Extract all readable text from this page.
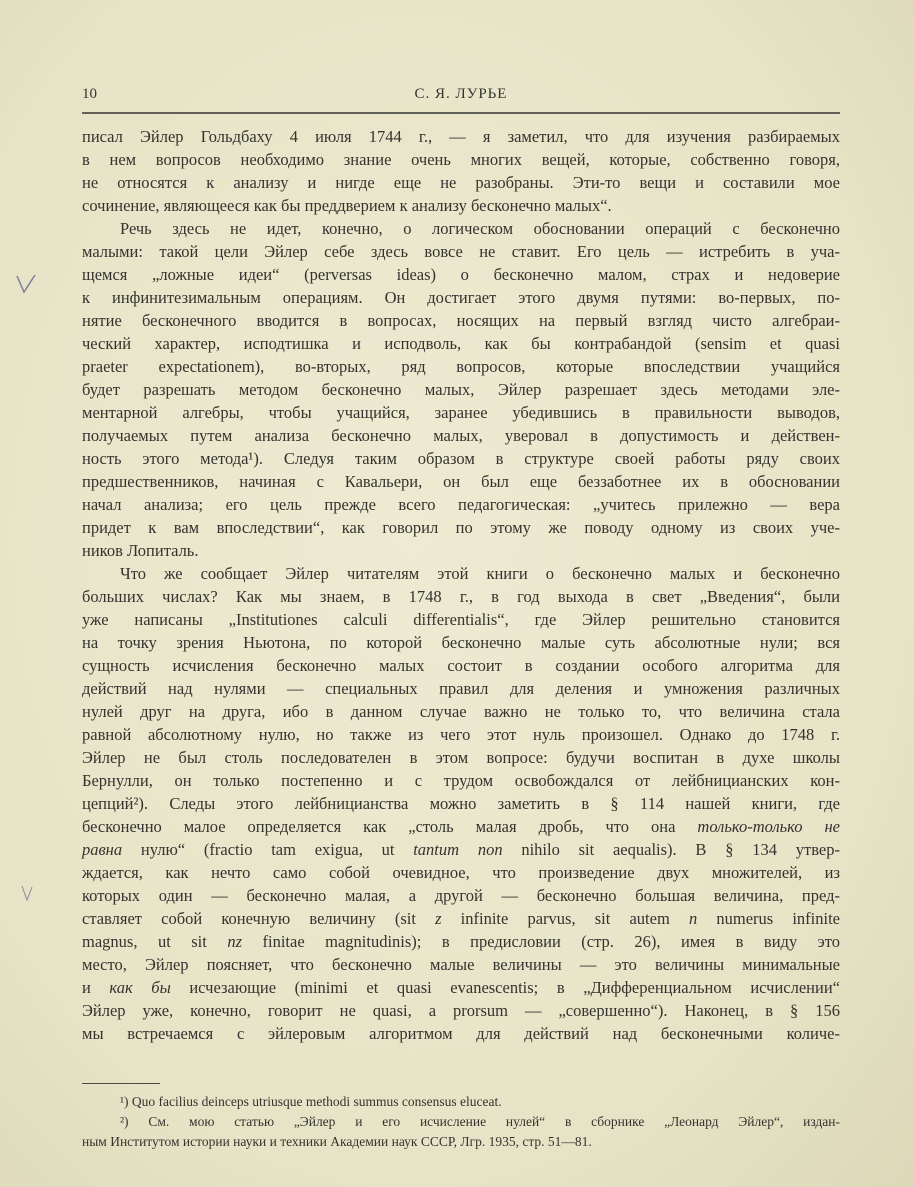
10	С. Я. ЛУРЬЕ
писал Эйлер Гольдбаху 4 июля 1744 г., — я заметил, что для изучения разбираемых
в нем вопросов необходимо знание очень многих вещей, которые, собственно говоря,
не относятся к анализу и нигде еще не разобраны. Эти-то вещи и составили мое
сочинение, являющееся как бы преддверием к анализу бесконечно малых“.
Речь здесь не идет, конечно, о логическом обосновании операций с бесконечно
малыми: такой цели Эйлер себе здесь вовсе не ставит. Его цель — истребить в уча-
щемся „ложные идеи“ (perversas ideas) о бесконечно малом, страх и недоверие
к инфинитезимальным операциям. Он достигает этого двумя путями: во-первых, по-
нятие бесконечного вводится в вопросах, носящих на первый взгляд чисто алгебраи-
ческий характер, исподтишка и исподволь, как бы контрабандой (sensim et quasi
praeter expectationem), во-вторых, ряд вопросов, которые впоследствии учащийся
будет разрешать методом бесконечно малых, Эйлер разрешает здесь методами эле-
ментарной алгебры, чтобы учащийся, заранее убедившись в правильности выводов,
получаемых путем анализа бесконечно малых, уверовал в допустимость и действен-
ность этого метода¹). Следуя таким образом в структуре своей работы ряду своих
предшественников, начиная с Кавальери, он был еще беззаботнее их в обосновании
начал анализа; его цель прежде всего педагогическая: „учитесь прилежно — вера
придет к вам впоследствии“, как говорил по этому же поводу одному из своих уче-
ников Лопиталь.
Что же сообщает Эйлер читателям этой книги о бесконечно малых и бесконечно
больших числах? Как мы знаем, в 1748 г., в год выхода в свет „Введения“, были
уже написаны „Institutiones calculi differentialis“, где Эйлер решительно становится
на точку зрения Ньютона, по которой бесконечно малые суть абсолютные нули; вся
сущность исчисления бесконечно малых состоит в создании особого алгоритма для
действий над нулями — специальных правил для деления и умножения различных
нулей друг на друга, ибо в данном случае важно не только то, что величина стала
равной абсолютному нулю, но также из чего этот нуль произошел. Однако до 1748 г.
Эйлер не был столь последователен в этом вопросе: будучи воспитан в духе школы
Бернулли, он только постепенно и с трудом освобождался от лейбницианских кон-
цепций²). Следы этого лейбницианства можно заметить в § 114 нашей книги, где
бесконечно малое определяется как „столь малая дробь, что она только-только не
равна нулю“ (fractio tam exigua, ut tantum non nihilo sit aequalis). В § 134 утвер-
ждается, как нечто само собой очевидное, что произведение двух множителей, из
которых один — бесконечно малая, а другой — бесконечно большая величина, пред-
ставляет собой конечную величину (sit z infinite parvus, sit autem n numerus infinite
magnus, ut sit nz finitae magnitudinis); в предисловии (стр. 26), имея в виду это
место, Эйлер поясняет, что бесконечно малые величины — это величины минимальные
и как бы исчезающие (minimi et quasi evanescentis; в „Дифференциальном исчислении“
Эйлер уже, конечно, говорит не quasi, а prorsum — „совершенно“). Наконец, в § 156
мы встречаемся с эйлеровым алгоритмом для действий над бесконечными количе-
¹) Quo facilius deinceps utriusque methodi summus consensus eluceat.
²) См. мою статью „Эйлер и его исчисление нулей“ в сборнике „Леонард Эйлер“, издан-
ным Институтом истории науки и техники Академии наук СССР, Лгр. 1935, стр. 51—81.
